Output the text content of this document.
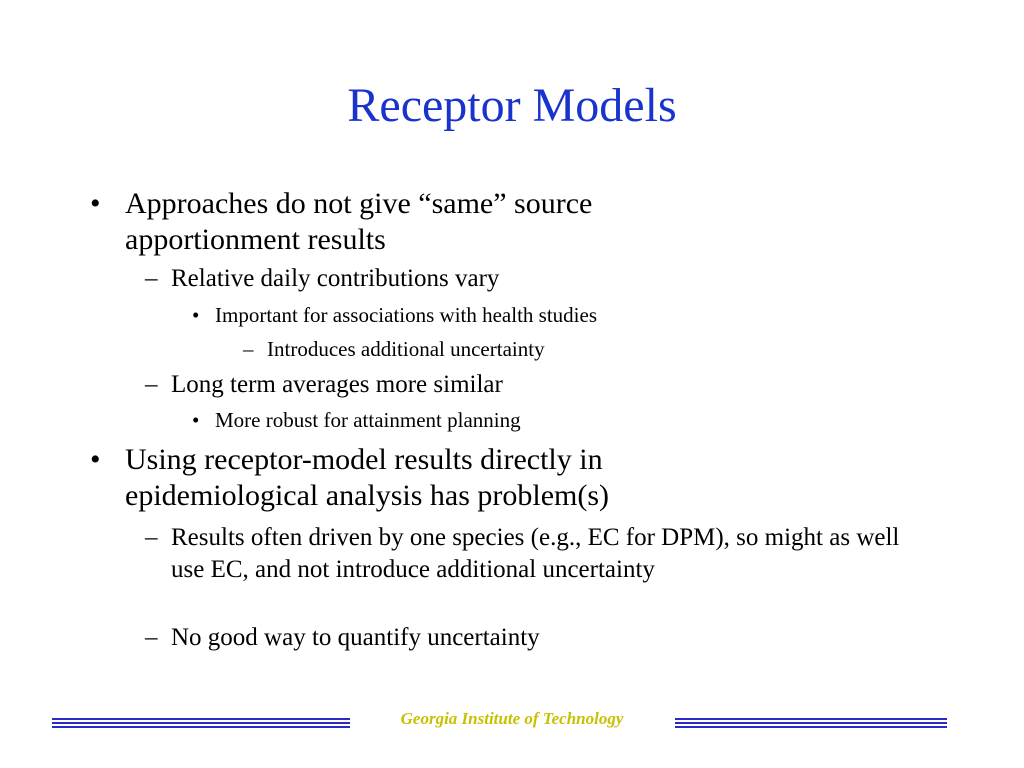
Receptor Models
• Approaches do not give “same” source apportionment results
– Relative daily contributions vary
• Important for associations with health studies
– Introduces additional uncertainty
– Long term averages more similar
• More robust for attainment planning
• Using receptor-model results directly in epidemiological analysis has problem(s)
– Results often driven by one species (e.g., EC for DPM), so might as well use EC, and not introduce additional uncertainty
– No good way to quantify uncertainty
Georgia Institute of Technology
